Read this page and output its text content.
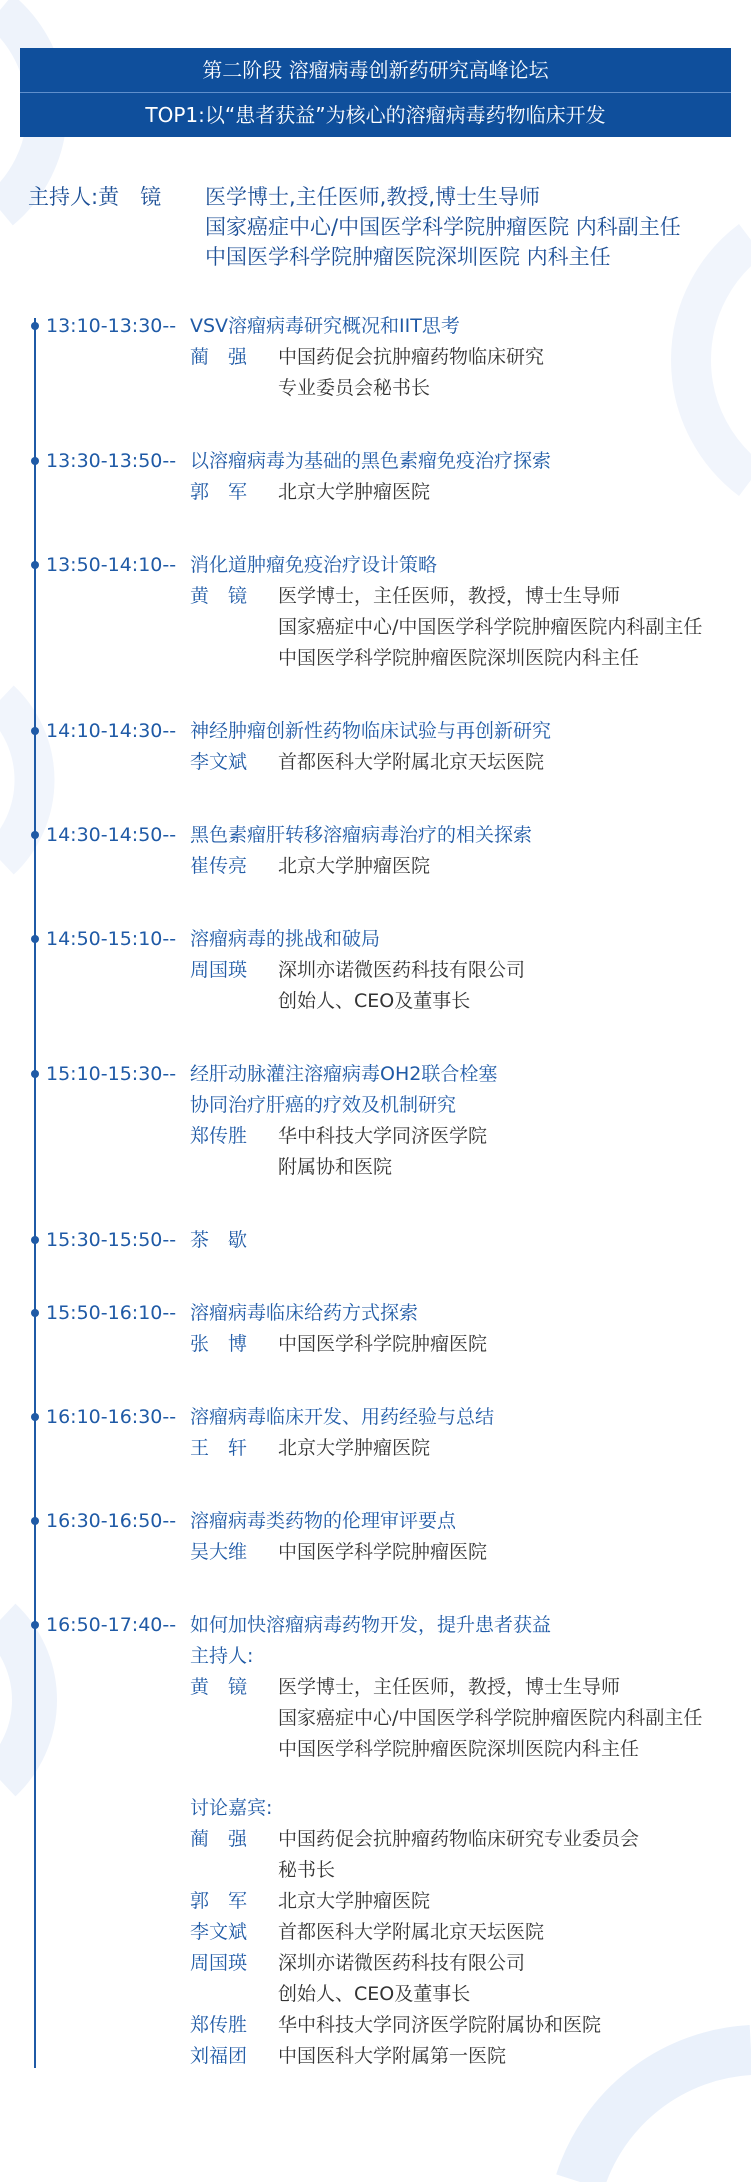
第二阶段 溶瘤病毒创新药研究高峰论坛
TOP1:以“患者获益”为核心的溶瘤病毒药物临床开发
主持人:黄　镜 医学博士,主任医师,教授,博士生导师
国家癌症中心/中国医学科学院肿瘤医院 内科副主任
中国医学科学院肿瘤医院深圳医院 内科主任
13:10-13:30-- VSV溶瘤病毒研究概况和IIT思考
蔺　强	中国药促会抗肿瘤药物临床研究
专业委员会秘书长
13:30-13:50-- 以溶瘤病毒为基础的黑色素瘤免疫治疗探索
郭　军	北京大学肿瘤医院
13:50-14:10-- 消化道肿瘤免疫治疗设计策略
黄　镜	医学博士，主任医师，教授，博士生导师
国家癌症中心/中国医学科学院肿瘤医院内科副主任
中国医学科学院肿瘤医院深圳医院内科主任
14:10-14:30-- 神经肿瘤创新性药物临床试验与再创新研究
李文斌	首都医科大学附属北京天坛医院
14:30-14:50-- 黑色素瘤肝转移溶瘤病毒治疗的相关探索
崔传亮	北京大学肿瘤医院
14:50-15:10-- 溶瘤病毒的挑战和破局
周国瑛	深圳亦诺微医药科技有限公司
创始人、CEO及董事长
15:10-15:30-- 经肝动脉灌注溶瘤病毒OH2联合栓塞
协同治疗肝癌的疗效及机制研究
郑传胜	华中科技大学同济医学院
附属协和医院
15:30-15:50-- 茶　歇
15:50-16:10-- 溶瘤病毒临床给药方式探索
张　博	中国医学科学院肿瘤医院
16:10-16:30-- 溶瘤病毒临床开发、用药经验与总结
王　轩	北京大学肿瘤医院
16:30-16:50-- 溶瘤病毒类药物的伦理审评要点
吴大维	中国医学科学院肿瘤医院
16:50-17:40-- 如何加快溶瘤病毒药物开发，提升患者获益
主持人:
黄　镜	医学博士，主任医师，教授，博士生导师
国家癌症中心/中国医学科学院肿瘤医院内科副主任
中国医学科学院肿瘤医院深圳医院内科主任
讨论嘉宾:
蔺　强	中国药促会抗肿瘤药物临床研究专业委员会
秘书长
郭　军	北京大学肿瘤医院
李文斌	首都医科大学附属北京天坛医院
周国瑛	深圳亦诺微医药科技有限公司
创始人、CEO及董事长
郑传胜	华中科技大学同济医学院附属协和医院
刘福团	中国医科大学附属第一医院
